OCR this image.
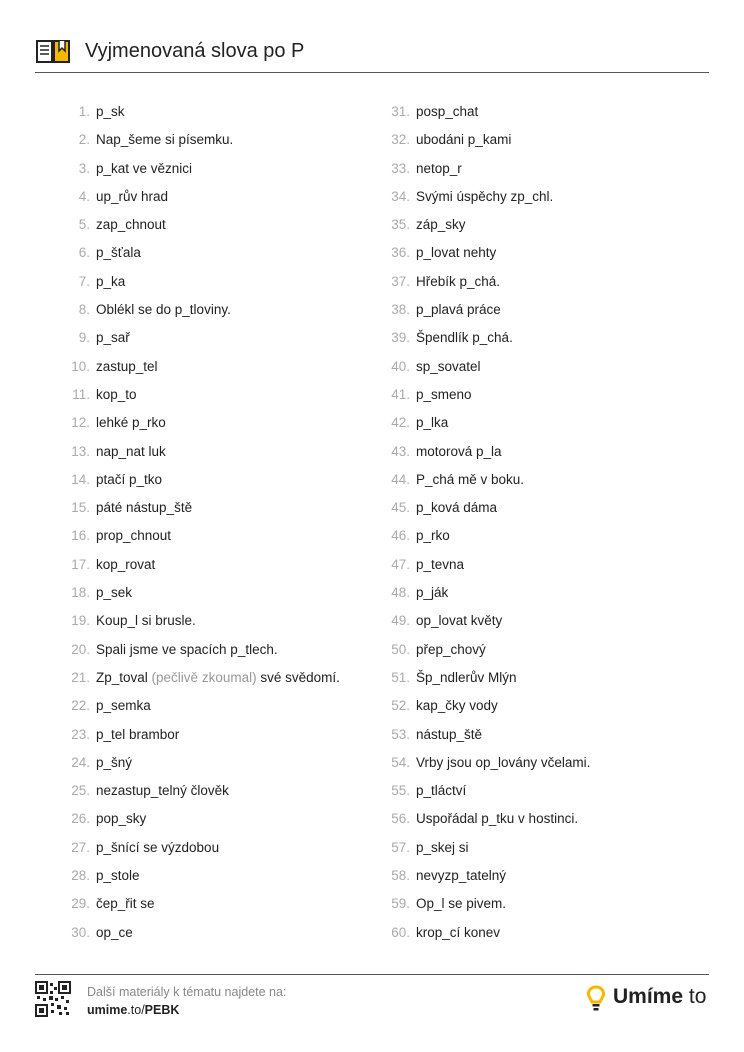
Vyjmenovaná slova po P
1. p_sk
2. Nap_šeme si písemku.
3. p_kat ve věznici
4. up_rův hrad
5. zap_chnout
6. p_šťala
7. p_ka
8. Oblékl se do p_tloviny.
9. p_sař
10. zastup_tel
11. kop_to
12. lehké p_rko
13. nap_nat luk
14. ptačí p_tko
15. páté nástup_ště
16. prop_chnout
17. kop_rovat
18. p_sek
19. Koup_l si brusle.
20. Spali jsme ve spacích p_tlech.
21. Zp_toval (pečlivě zkoumal) své svědomí.
22. p_semka
23. p_tel brambor
24. p_šný
25. nezastup_telný člověk
26. pop_sky
27. p_šnící se výzdobou
28. p_stole
29. čep_řit se
30. op_ce
31. posp_chat
32. ubodáni p_kami
33. netop_r
34. Svými úspěchy zp_chl.
35. záp_sky
36. p_lovat nehty
37. Hřebík p_chá.
38. p_plavá práce
39. Špendlík p_chá.
40. sp_sovatel
41. p_smeno
42. p_lka
43. motorová p_la
44. P_chá mě v boku.
45. p_ková dáma
46. p_rko
47. p_tevna
48. p_ják
49. op_lovat květy
50. přep_chový
51. Šp_ndlerův Mlýn
52. kap_čky vody
53. nástup_ště
54. Vrby jsou op_lovány včelami.
55. p_tláctví
56. Uspořádal p_tku v hostinci.
57. p_skej si
58. nevyzp_tatelný
59. Op_l se pivem.
60. krop_cí konev
Další materiály k tématu najdete na:
umime.to/PEBK
Umíme to
